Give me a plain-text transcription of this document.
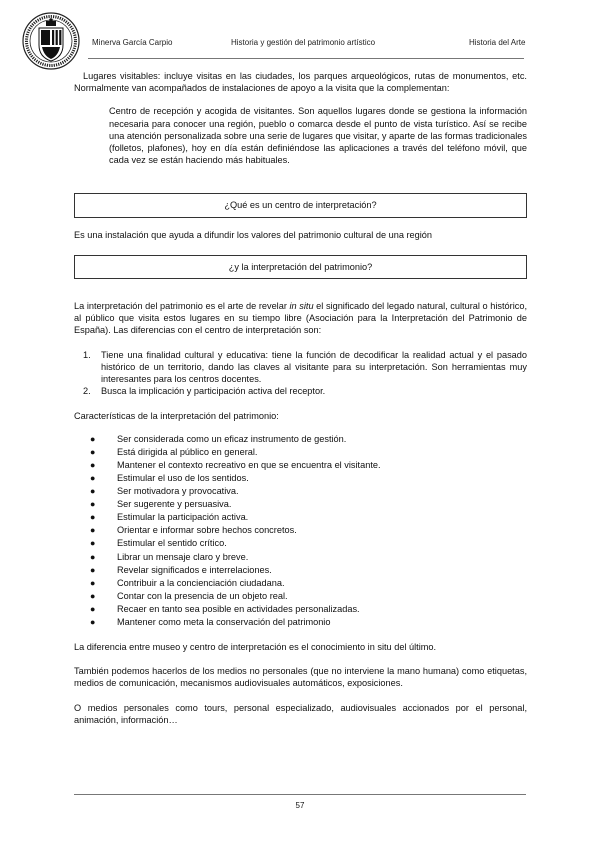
Minerva García Carpio	Historia y gestión del patrimonio artístico	Historia del Arte

Lugares visitables: incluye visitas en las ciudades, los parques arqueológicos, rutas de monumentos, etc. Normalmente van acompañados de instalaciones de apoyo a la visita que la complementan:

Centro de recepción y acogida de visitantes. Son aquellos lugares donde se gestiona la información necesaria para conocer una región, pueblo o comarca desde el punto de vista turístico. Así se recibe una atención personalizada sobre una serie de lugares que visitar, y aparte de las formas tradicionales (folletos, plafones), hoy en día están definiéndose las aplicaciones a través del teléfono móvil, que cada vez se están haciendo más habituales.

¿Qué es un centro de interpretación?

Es una instalación que ayuda a difundir los valores del patrimonio cultural de una región

¿y la interpretación del patrimonio?

La interpretación del patrimonio es el arte de revelar in situ el significado del legado natural, cultural o histórico, al público que visita estos lugares en su tiempo libre (Asociación para la Interpretación del Patrimonio de España). Las diferencias con el centro de interpretación son:

1. Tiene una finalidad cultural y educativa: tiene la función de decodificar la realidad actual y el pasado histórico de un territorio, dando las claves al visitante para su interpretación. Son herramientas muy interesantes para los centros docentes.
2. Busca la implicación y participación activa del receptor.

Características de la interpretación del patrimonio:

● Ser considerada como un eficaz instrumento de gestión.
● Está dirigida al público en general.
● Mantener el contexto recreativo en que se encuentra el visitante.
● Estimular el uso de los sentidos.
● Ser motivadora y provocativa.
● Ser sugerente y persuasiva.
● Estimular la participación activa.
● Orientar e informar sobre hechos concretos.
● Estimular el sentido crítico.
● Librar un mensaje claro y breve.
● Revelar significados e interrelaciones.
● Contribuir a la concienciación ciudadana.
● Contar con la presencia de un objeto real.
● Recaer en tanto sea posible en actividades personalizadas.
● Mantener como meta la conservación del patrimonio

La diferencia entre museo y centro de interpretación es el conocimiento in situ del último.

También podemos hacerlos de los medios no personales (que no interviene la mano humana) como etiquetas, medios de comunicación, mecanismos audiovisuales automáticos, exposiciones.

O medios personales como tours, personal especializado, audiovisuales accionados por el personal, animación, información…

57
